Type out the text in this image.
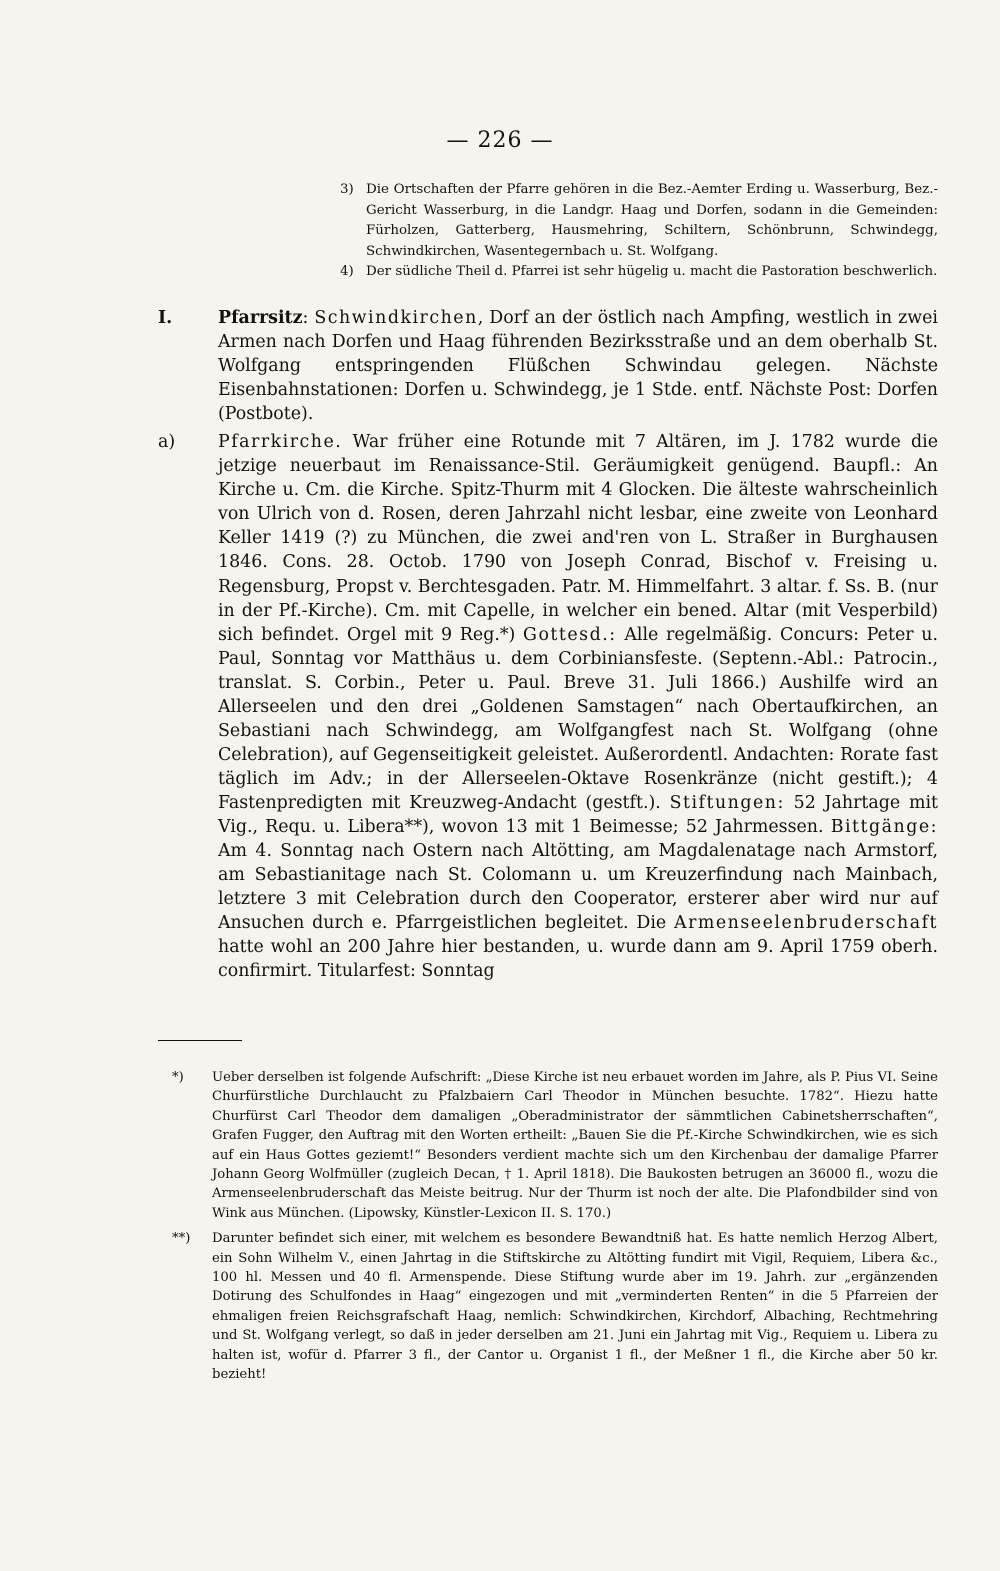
— 226 —
3) Die Ortschaften der Pfarre gehören in die Bez.-Aemter Erding u. Wasserburg, Bez.-Gericht Wasserburg, in die Landgr. Haag und Dorfen, sodann in die Gemeinden: Fürholzen, Gatterberg, Hausmehring, Schiltern, Schönbrunn, Schwindegg, Schwindkirchen, Wasentegernbach u. St. Wolfgang.
4) Der südliche Theil d. Pfarrei ist sehr hügelig u. macht die Pastoration beschwerlich.

I.	Pfarrsitz: Schwindkirchen, Dorf an der östlich nach Ampfing, westlich in zwei Armen nach Dorfen und Haag führenden Bezirksstraße und an dem oberhalb St. Wolfgang entspringenden Flüßchen Schwindau gelegen. Nächste Eisenbahnstationen: Dorfen u. Schwindegg, je 1 Stde. entf. Nächste Post: Dorfen (Postbote).

a) Pfarrkirche. War früher eine Rotunde mit 7 Altären, im J. 1782 wurde die jetzige neuerbaut im Renaissance-Stil. Geräumigkeit genügend. Baupfl.: An Kirche u. Cm. die Kirche. Spitz-Thurm mit 4 Glocken. Die älteste wahrscheinlich von Ulrich von d. Rosen, deren Jahrzahl nicht lesbar, eine zweite von Leonhard Keller 1419 (?) zu München, die zwei and'ren von L. Straßer in Burghausen 1846. Cons. 28. Octob. 1790 von Joseph Conrad, Bischof v. Freising u. Regensburg, Propst v. Berchtesgaden. Patr. M. Himmelfahrt. 3 altar. f. Ss. B. (nur in der Pf.-Kirche). Cm. mit Capelle, in welcher ein bened. Altar (mit Vesperbild) sich befindet. Orgel mit 9 Reg.*) Gottesd.: Alle regelmäßig. Concurs: Peter u. Paul, Sonntag vor Matthäus u. dem Corbiniansfeste. (Septenn.-Abl.: Patrocin., translat. S. Corbin., Peter u. Paul. Breve 31. Juli 1866.) Aushilfe wird an Allerseelen und den drei „Goldenen Samstagen“ nach Obertaufkirchen, an Sebastiani nach Schwindegg, am Wolfgangfest nach St. Wolfgang (ohne Celebration), auf Gegenseitigkeit geleistet. Außerordentl. Andachten: Rorate fast täglich im Adv.; in der Allerseelen-Oktave Rosenkränze (nicht gestift.); 4 Fastenpredigten mit Kreuzweg-Andacht (gestft.). Stiftungen: 52 Jahrtage mit Vig., Requ. u. Libera**), wovon 13 mit 1 Beimesse; 52 Jahrmessen. Bittgänge: Am 4. Sonntag nach Ostern nach Altötting, am Magdalenatage nach Armstorf, am Sebastianitage nach St. Colomann u. um Kreuzerfindung nach Mainbach, letztere 3 mit Celebration durch den Cooperator, ersterer aber wird nur auf Ansuchen durch e. Pfarrgeistlichen begleitet. Die Armenseelenbruderschaft hatte wohl an 200 Jahre hier bestanden, u. wurde dann am 9. April 1759 oberh. confirmirt. Titularfest: Sonntag

*) Ueber derselben ist folgende Aufschrift: „Diese Kirche ist neu erbauet worden im Jahre, als P. Pius VI. Seine Churfürstliche Durchlaucht zu Pfalzbaiern Carl Theodor in München besuchte. 1782“. Hiezu hatte Churfürst Carl Theodor dem damaligen „Oberadministrator der sämmtlichen Cabinetsherrschaften“, Grafen Fugger, den Auftrag mit den Worten ertheilt: „Bauen Sie die Pf.-Kirche Schwindkirchen, wie es sich auf ein Haus Gottes geziemt!“ Besonders verdient machte sich um den Kirchenbau der damalige Pfarrer Johann Georg Wolfmüller (zugleich Decan, † 1. April 1818). Die Baukosten betrugen an 36000 fl., wozu die Armenseelenbruderschaft das Meiste beitrug. Nur der Thurm ist noch der alte. Die Plafondbilder sind von Wink aus München. (Lipowsky, Künstler-Lexicon II. S. 170.)

**) Darunter befindet sich einer, mit welchem es besondere Bewandtniß hat. Es hatte nemlich Herzog Albert, ein Sohn Wilhelm V., einen Jahrtag in die Stiftskirche zu Altötting fundirt mit Vigil, Requiem, Libera &c., 100 hl. Messen und 40 fl. Armenspende. Diese Stiftung wurde aber im 19. Jahrh. zur „ergänzenden Dotirung des Schulfondes in Haag“ eingezogen und mit „verminderten Renten“ in die 5 Pfarreien der ehmaligen freien Reichsgrafschaft Haag, nemlich: Schwindkirchen, Kirchdorf, Albaching, Rechtmehring und St. Wolfgang verlegt, so daß in jeder derselben am 21. Juni ein Jahrtag mit Vig., Requiem u. Libera zu halten ist, wofür d. Pfarrer 3 fl., der Cantor u. Organist 1 fl., der Meßner 1 fl., die Kirche aber 50 kr. bezieht!
